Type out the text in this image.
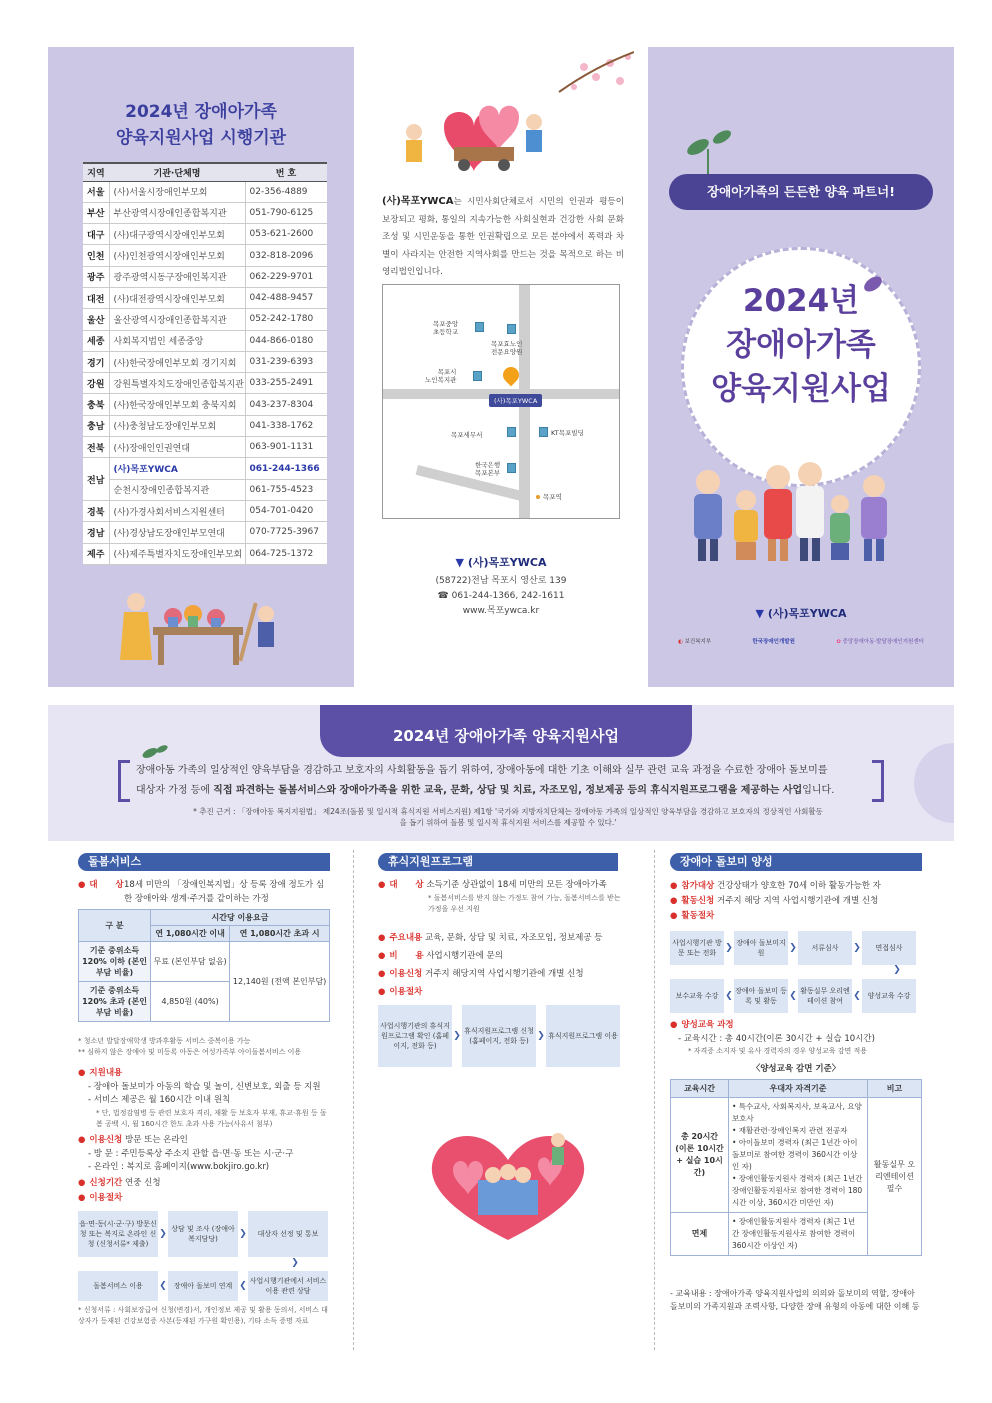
2024년 장애아가족
양육지원사업 시행기관
지역	기관·단체명	번 호
서울	(사)서울시장애인부모회	02-356-4889
부산	부산광역시장애인종합복지관	051-790-6125
대구	(사)대구광역시장애인부모회	053-621-2600
인천	(사)인천광역시장애인부모회	032-818-2096
광주	광주광역시동구장애인복지관	062-229-9701
대전	(사)대전광역시장애인부모회	042-488-9457
울산	울산광역시장애인종합복지관	052-242-1780
세종	사회복지법인 세종중앙	044-866-0180
경기	(사)한국장애인부모회 경기지회	031-239-6393
강원	강원특별자치도장애인종합복지관	033-255-2491
충북	(사)한국장애인부모회 충북지회	043-237-8304
충남	(사)충청남도장애인부모회	041-338-1762
전북	(사)장애인인권연대	063-901-1131
전남	(사)목포YWCA	061-244-1366
	순천시장애인종합복지관	061-755-4523
경북	(사)가경사회서비스지원센터	054-701-0420
경남	(사)경상남도장애인부모연대	070-7725-3967
제주	(사)제주특별자치도장애인부모회	064-725-1372
(사)목포YWCA는 시민사회단체로서 시민의 인권과 평등이 보장되고 평화, 통일의 지속가능한 사회실현과 건강한 사회 문화 조성 및 시민운동을 통한 인권확립으로 모든 분야에서 폭력과 차별이 사라지는 안전한 지역사회를 만드는 것을 목적으로 하는 비영리법인입니다.
목포중앙
초등학교
목포효노인
전문요양원
목포시
노인복지관
(사)목포YWCA
목포세무서	KT목포빌딩
한국은행
목포본부
목포역
▼ (사)목포YWCA
(58722)전남 목포시 영산로 139
☎ 061-244-1366, 242-1611
www.목포ywca.kr
장애아가족의 든든한 양육 파트너!
2024년
장애아가족
양육지원사업
▼ (사)목포YWCA
◐ 보건복지부	한국장애인개발원	✿ 중앙장애아동·발달장애인지원센터
2024년 장애아가족 양육지원사업
장애아동 가족의 일상적인 양육부담을 경감하고 보호자의 사회활동을 돕기 위하여, 장애아동에 대한 기초 이해와 실무 관련 교육 과정을 수료한 장애아 돌보미를
대상자 가정 등에 직접 파견하는 돌봄서비스와 장애아가족을 위한 교육, 문화, 상담 및 치료, 자조모임, 정보제공 등의 휴식지원프로그램을 제공하는 사업입니다.
* 추진 근거 : 「장애아동 복지지원법」 제24조(돌봄 및 일시적 휴식지원 서비스지원) 제1항 '국가와 지방자치단체는 장애아동 가족의 일상적인 양육부담을 경감하고 보호자의 정상적인 사회활동
을 돕기 위하여 돌봄 및 일시적 휴식지원 서비스를 제공할 수 있다.'
돌봄서비스
● 대      상 18세 미만의 「장애인복지법」상 등록 장애 정도가 심한 장애아와 생계·주거를 같이하는 가정
구 분	시간당 이용요금	
	연 1,080시간 이내	연 1,080시간 초과 시
기준 중위소득 120% 이하 (본인부담 비율)	무료 (본인부담 없음)	12,140원 (전액 본인부담)
기준 중위소득 120% 초과 (본인부담 비율)	4,850원 (40%)	
* 청소년 발달장애학생 방과후활동 서비스 중복이용 가능
** 심하지 않은 장애아 및 미등록 아동은 여성가족부 아이돌봄서비스 이용
● 지원내용
- 장애아 돌보미가 아동의 학습 및 놀이, 신변보호, 외출 등 지원
- 서비스 제공은 월 160시간 이내 원칙
* 단, 법정감염병 등 관련 보호자 격리, 재활 등 보호자 부재, 휴교·휴원 등 돌봄 공백 시, 월 160시간 한도 초과 사용 가능(사유서 첨부)
● 이용신청 방문 또는 온라인
- 방 문 : 주민등록상 주소지 관할 읍·면·동 또는 시·군·구
- 온라인 : 복지로 홈페이지(www.bokjiro.go.kr)
● 신청기간 연중 신청
● 이용절차
읍·면·동(시·군·구) 방문신청 또는 복지로 온라인 신청 (신청서류* 제출)
❯ 상담 및 조사 (장애아복지담당)	❯	대상자 선정 및 통보
❯
돌봄서비스 이용	❮ 장애아 돌보미 연계 ❮ 사업시행기관에서 서비스 이용 관련 상담
* 신청서류 : 사회보장급여 신청(변경)서, 개인정보 제공 및 활용 동의서, 서비스 대상자가 등재된 건강보험증 사본(등재된 가구원 확인용), 기타 소득 증명 자료
휴식지원프로그램
● 대      상 소득기준 상관없이 18세 미만의 모든 장애아가족
* 돌봄서비스를 받지 않는 가정도 참여 가능, 돌봄서비스를 받는 가정을 우선 지원
● 주요내용 교육, 문화, 상담 및 치료, 자조모임, 정보제공 등
● 비      용 사업시행기관에 문의
● 이용신청 거주지 해당지역 사업시행기관에 개별 신청
● 이용절차
사업시행기관의 휴식지원프로그램 확인 (홈페이지, 전화 등)
❯ 휴식지원프로그램 신청 (홈페이지, 전화 등) ❯ 휴식지원프로그램 이용
장애아 돌보미 양성
● 참가대상 건강상태가 양호한 70세 이하 활동가능한 자
● 활동신청 거주지 해당 지역 사업시행기관에 개별 신청
● 활동절차
사업시행기관 방문 또는 전화	❯ 장애아 돌보미지원	❯	서류심사	❯	면접심사
❯
보수교육 수강 ❮ 장애아 돌보미 등록 및 활동	❮ 활동실무 오리엔테이션 참여	❮ 양성교육 수강
● 양성교육 과정
- 교육시간 : 총 40시간(이론 30시간 + 실습 10시간)
* 자격증 소지자 및 유사 경력자의 경우 양성교육 감면 적용
〈양성교육 감면 기준〉
교육시간	우대자 자격기준	비고
총 20시간 (이론 10시간 + 실습 10시간)	• 특수교사, 사회복지사, 보육교사, 요양보호사
• 재활관련·장애인복지 관련 전공자
• 아이돌보미 경력자 (최근 1년간 아이돌보미로 참여한 경력이 360시간 이상인 자)
• 장애인활동지원사 경력자 (최근 1년간 장애인활동지원사로 참여한 경력이 180시간 이상, 360시간 미만인 자)	활동실무 오리엔테이션 필수
면제	• 장애인활동지원사 경력자 (최근 1년 간 장애인활동지원사로 참여한 경력이 360시간 이상인 자)	
- 교육내용 : 장애아가족 양육지원사업의 의의와 돌보미의 역할, 장애아 돌보미의 가족지원과 조력사항, 다양한 장애 유형의 아동에 대한 이해 등
